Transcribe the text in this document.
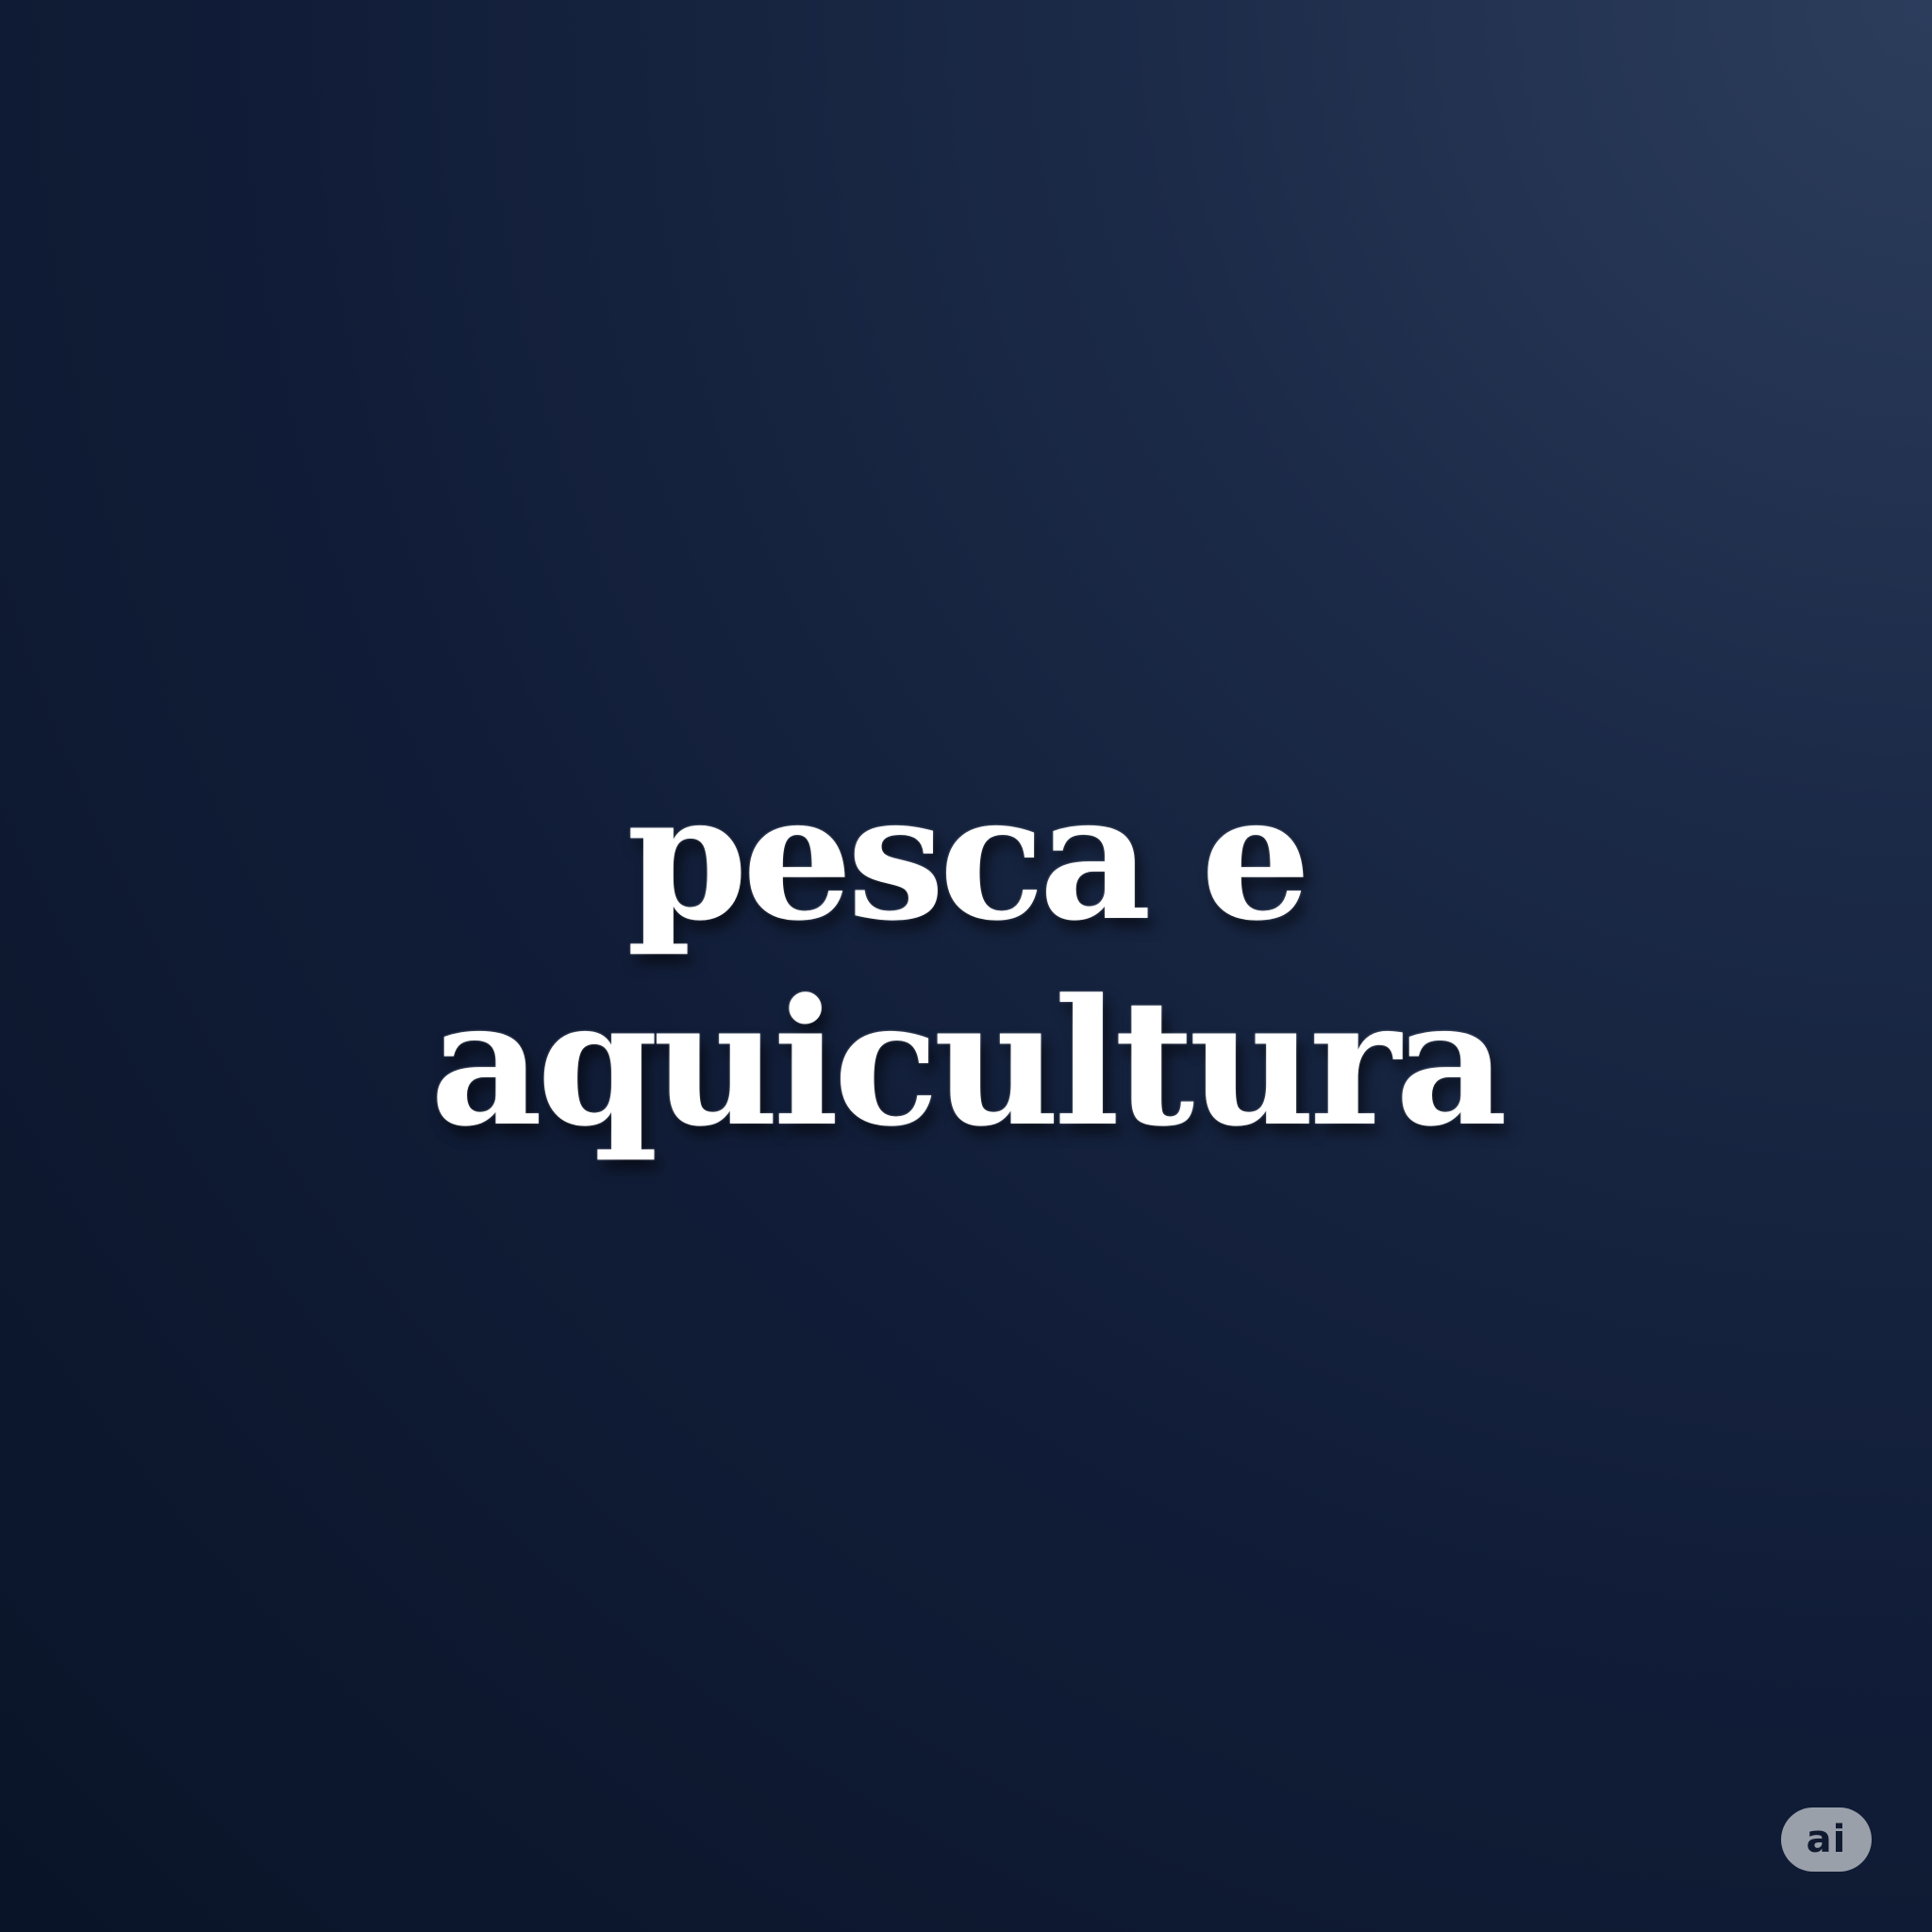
pesca e
aquicultura
ai
